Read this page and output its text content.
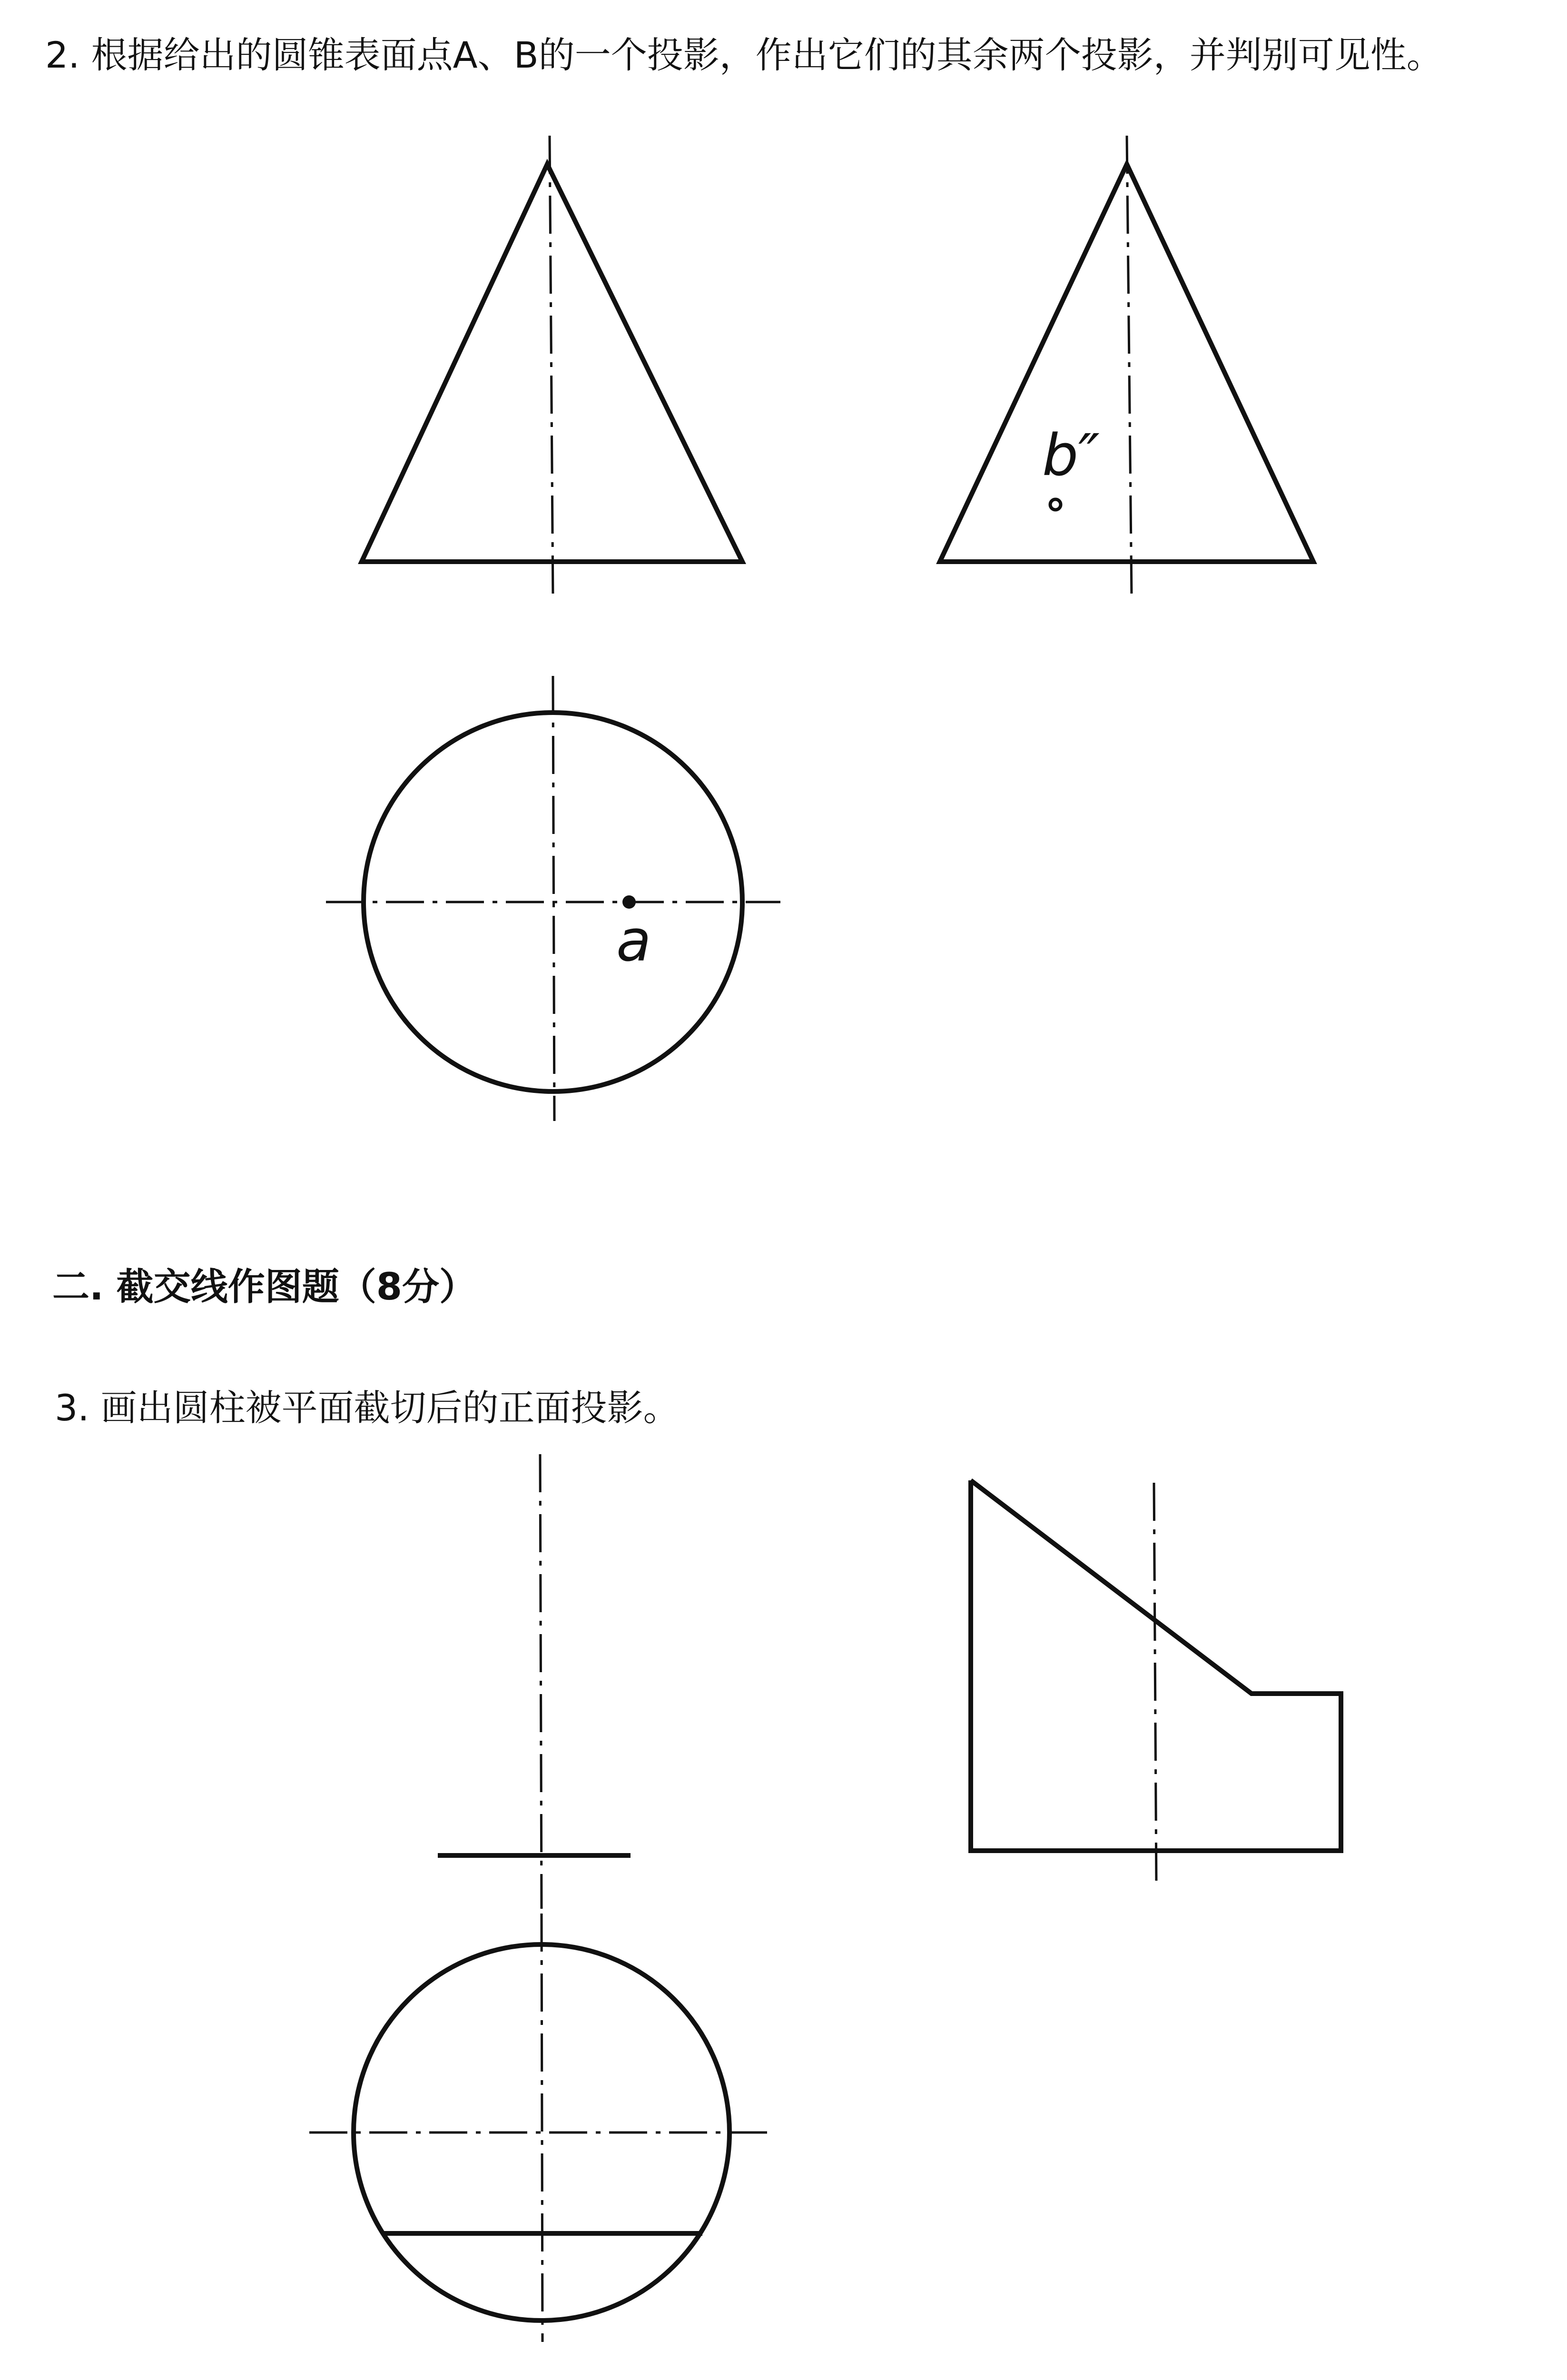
2. 根据给出的圆锥表面点A、B的一个投影，作出它们的其余两个投影，并判别可见性。
二. 截交线作图题（8分）
3. 画出圆柱被平面截切后的正面投影。
b″
a
